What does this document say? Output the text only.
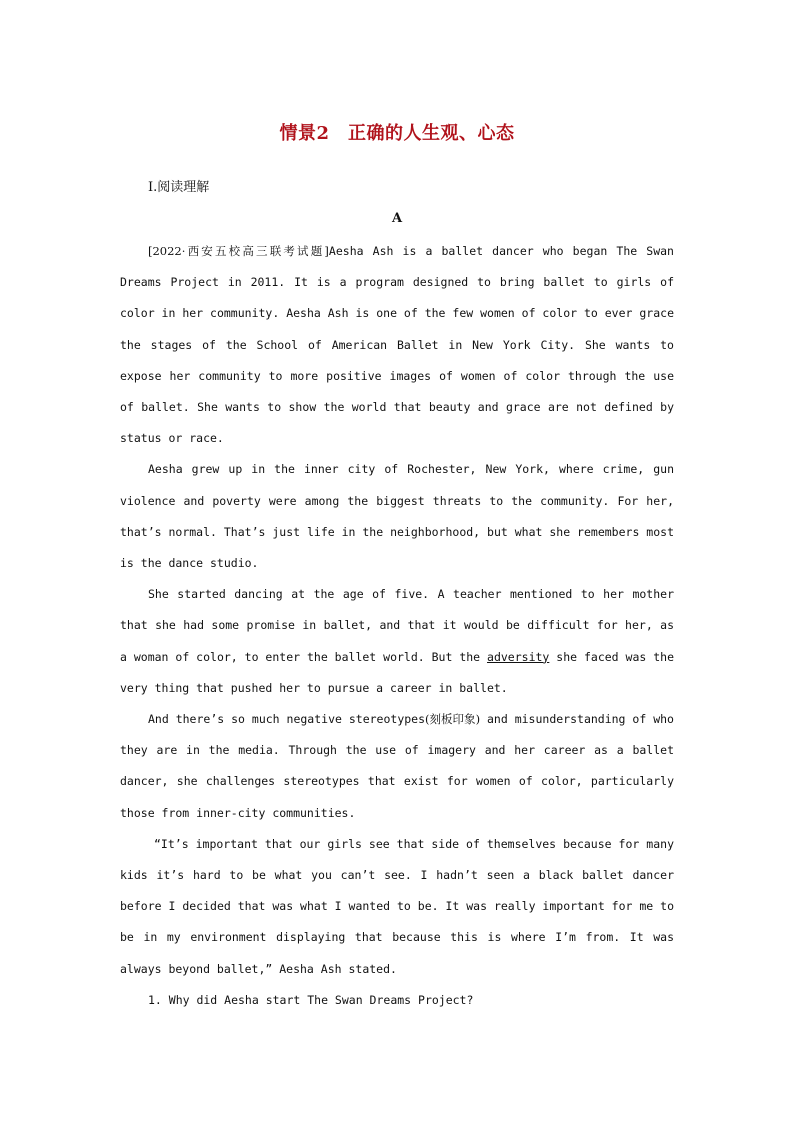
情景2　正确的人生观、心态
Ⅰ.阅读理解
A

[2022·西安五校高三联考试题]Aesha Ash is a ballet dancer who began The Swan Dreams Project in 2011. It is a program designed to bring ballet to girls of color in her community. Aesha Ash is one of the few women of color to ever grace the stages of the School of American Ballet in New York City. She wants to expose her community to more positive images of women of color through the use of ballet. She wants to show the world that beauty and grace are not defined by status or race.

Aesha grew up in the inner city of Rochester, New York, where crime, gun violence and poverty were among the biggest threats to the community. For her, that’s normal. That’s just life in the neighborhood, but what she remembers most is the dance studio.

She started dancing at the age of five. A teacher mentioned to her mother that she had some promise in ballet, and that it would be difficult for her, as a woman of color, to enter the ballet world. But the adversity she faced was the very thing that pushed her to pursue a career in ballet.

And there’s so much negative stereotypes(刻板印象) and misunderstanding of who they are in the media. Through the use of imagery and her career as a ballet dancer, she challenges stereotypes that exist for women of color, particularly those from inner-city communities.

“It’s important that our girls see that side of themselves because for many kids it’s hard to be what you can’t see. I hadn’t seen a black ballet dancer before I decided that was what I wanted to be. It was really important for me to be in my environment displaying that because this is where I’m from. It was always beyond ballet,” Aesha Ash stated.

1. Why did Aesha start The Swan Dreams Project?
